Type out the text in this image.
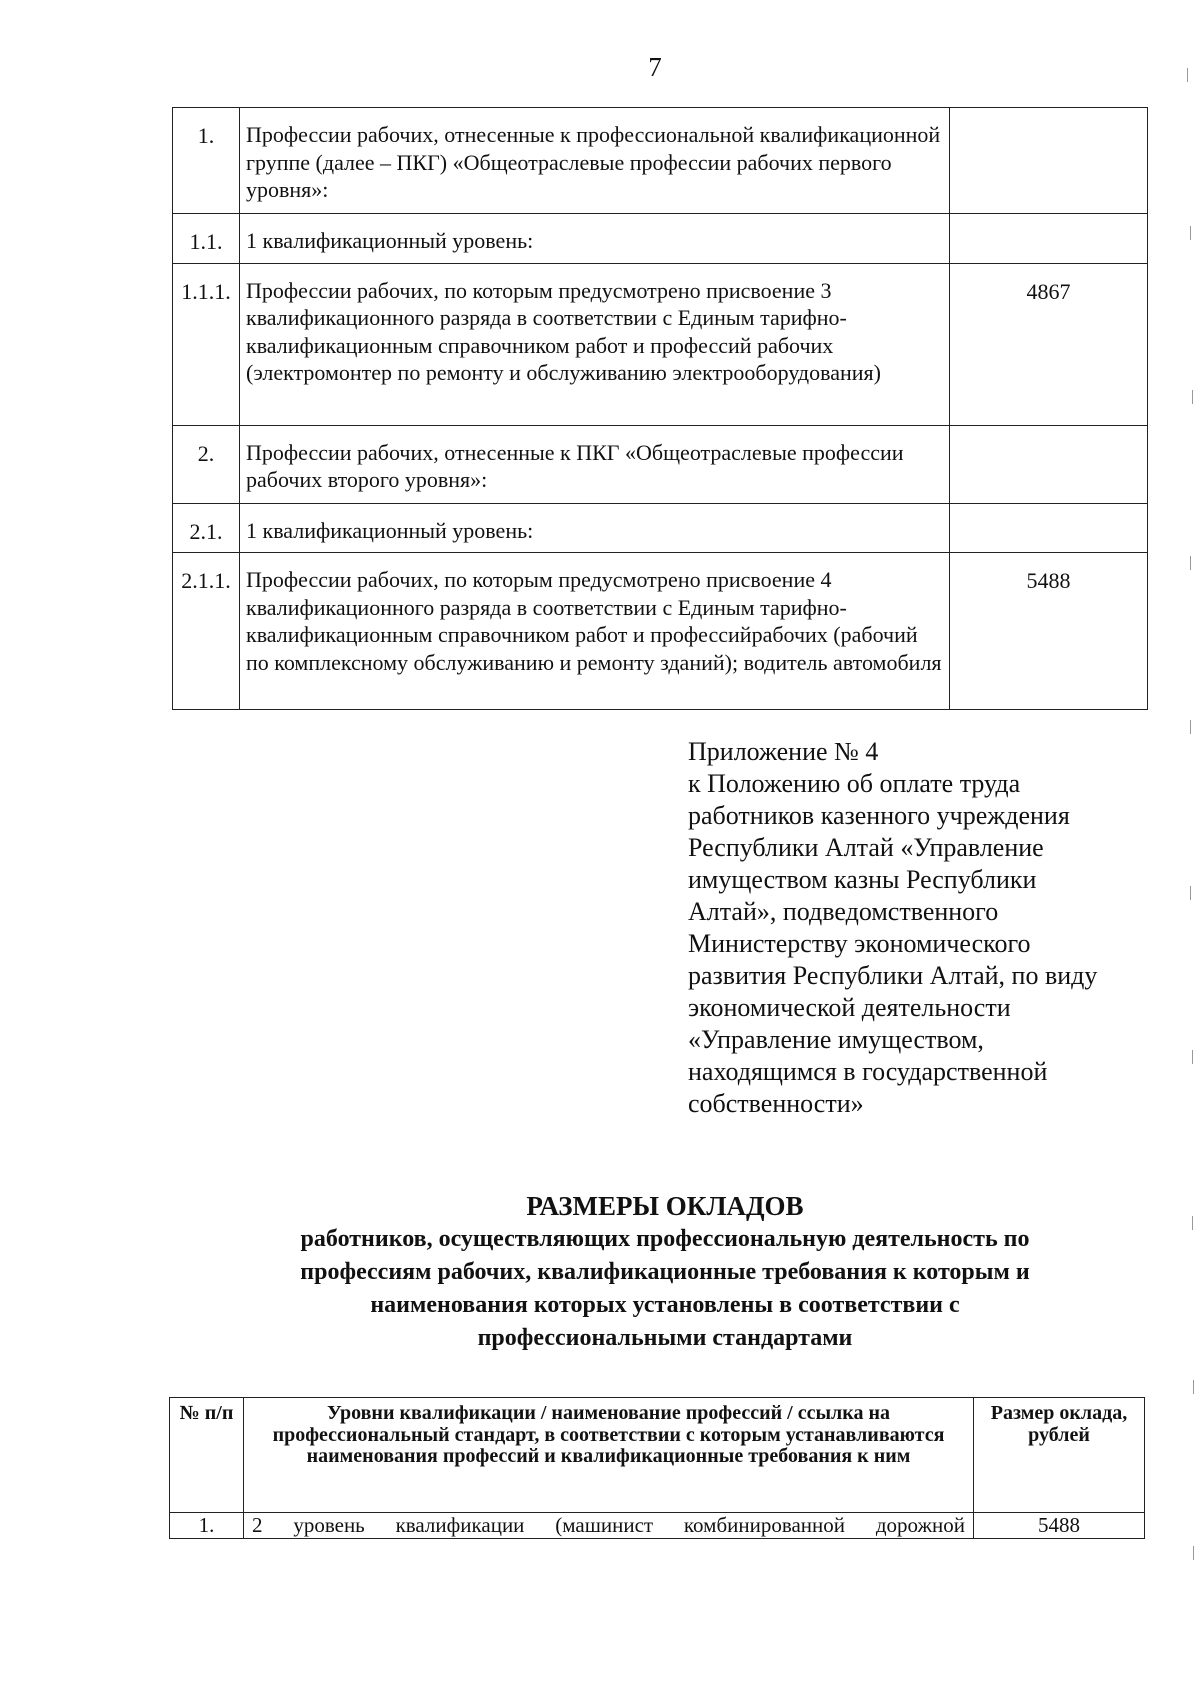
7
1.	Профессии рабочих, отнесенные к профессиональной квалификационной группе (далее – ПКГ) «Общеотраслевые профессии рабочих первого уровня»:	
1.1.	1 квалификационный уровень:	
1.1.1.	Профессии рабочих, по которым предусмотрено присвоение 3 квалификационного разряда в соответствии с Единым тарифно-квалификационным справочником работ и профессий рабочих (электромонтер по ремонту и обслуживанию электрооборудования)	4867
2.	Профессии рабочих, отнесенные к ПКГ «Общеотраслевые профессии рабочих второго уровня»:	
2.1.	1 квалификационный уровень:	
2.1.1.	Профессии рабочих, по которым предусмотрено присвоение 4 квалификационного разряда в соответствии с Единым тарифно-квалификационным справочником работ и профессийрабочих (рабочий по комплексному обслуживанию и ремонту зданий); водитель автомобиля	5488
Приложение № 4
к Положению об оплате труда
работников казенного учреждения
Республики Алтай «Управление
имуществом казны Республики
Алтай», подведомственного
Министерству экономического
развития Республики Алтай, по виду
экономической деятельности
«Управление имуществом,
находящимся в государственной
собственности»
РАЗМЕРЫ ОКЛАДОВ
работников, осуществляющих профессиональную деятельность по
профессиям рабочих, квалификационные требования к которым и
наименования которых установлены в соответствии с
профессиональными стандартами
№ п/п	Уровни квалификации / наименование профессий / ссылка на профессиональный стандарт, в соответствии с которым устанавливаются наименования профессий и квалификационные требования к ним	Размер оклада, рублей
1.	2 уровень квалификации (машинист комбинированной дорожной	5488
